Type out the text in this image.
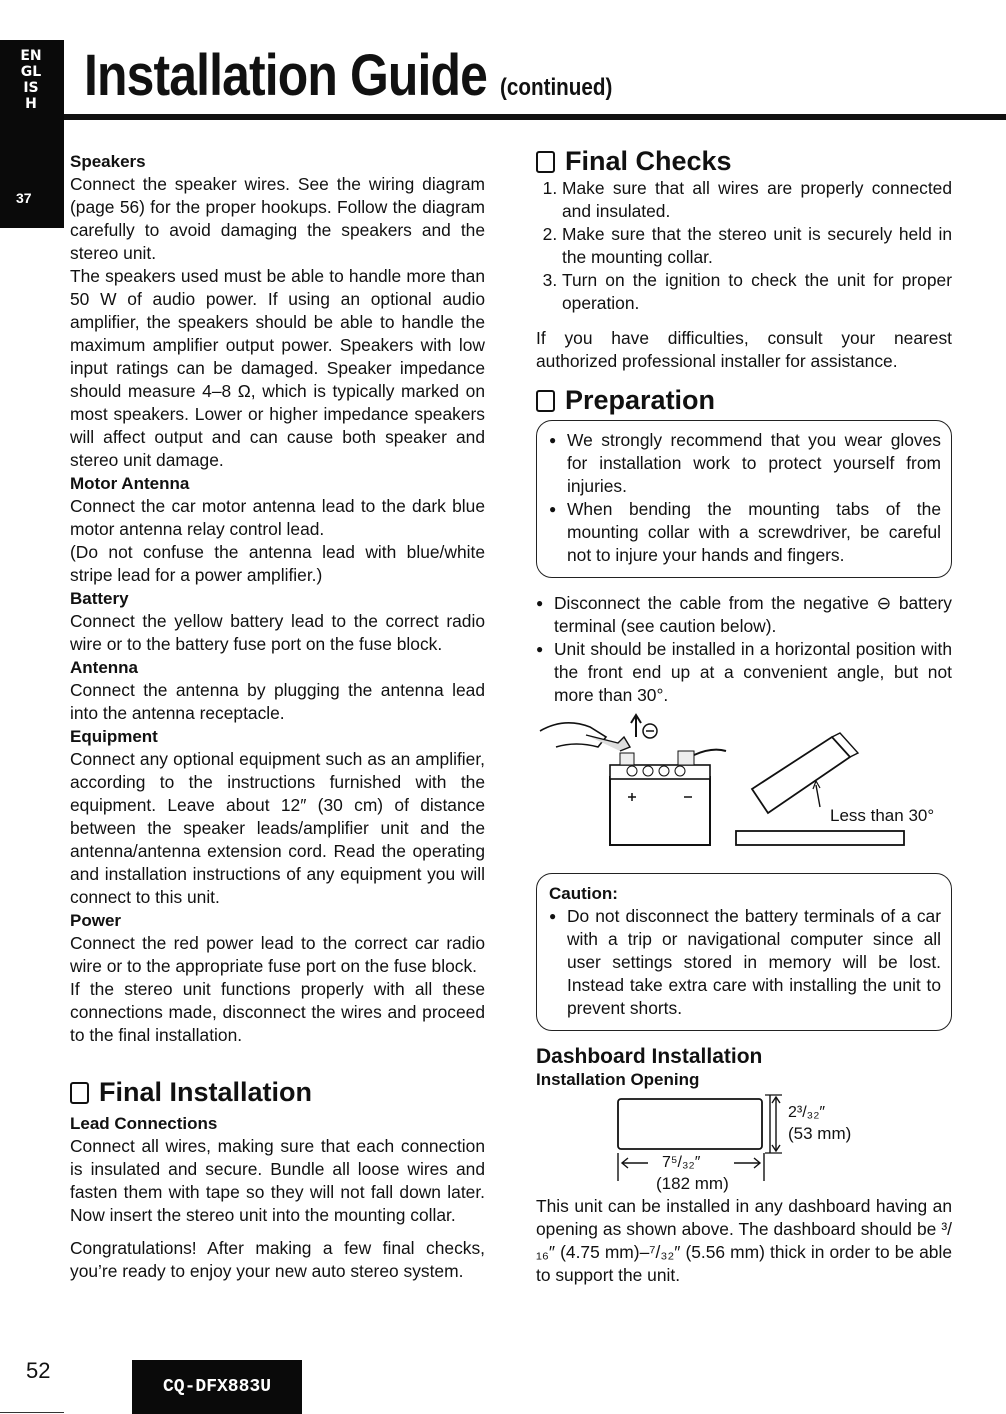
ENGLISH
37
Installation Guide (continued)
Speakers

Connect the speaker wires. See the wiring diagram (page 56) for the proper hookups. Follow the diagram carefully to avoid damaging the speakers and the stereo unit.

The speakers used must be able to handle more than 50 W of audio power. If using an optional audio amplifier, the speakers should be able to handle the maximum amplifier output power. Speakers with low input ratings can be damaged. Speaker impedance should measure 4–8 Ω, which is typically marked on most speakers. Lower or higher impedance speakers will affect output and can cause both speaker and stereo unit damage.

Motor Antenna

Connect the car motor antenna lead to the dark blue motor antenna relay control lead.

(Do not confuse the antenna lead with blue/white stripe lead for a power amplifier.)

Battery

Connect the yellow battery lead to the correct radio wire or to the battery fuse port on the fuse block.

Antenna

Connect the antenna by plugging the antenna lead into the antenna receptacle.

Equipment

Connect any optional equipment such as an amplifier, according to the instructions furnished with the equipment. Leave about 12″ (30 cm) of distance between the speaker leads/amplifier unit and the antenna/antenna extension cord. Read the operating and installation instructions of any equipment you will connect to this unit.

Power

Connect the red power lead to the correct car radio wire or to the appropriate fuse port on the fuse block.

If the stereo unit functions properly with all these connections made, disconnect the wires and proceed to the final installation.

Final Installation
Lead Connections

Connect all wires, making sure that each connection is insulated and secure. Bundle all loose wires and fasten them with tape so they will not fall down later. Now insert the stereo unit into the mounting collar.

Congratulations! After making a few final checks, you’re ready to enjoy your new auto stereo system.

Final Checks
1. Make sure that all wires are properly connected and insulated.
2. Make sure that the stereo unit is securely held in the mounting collar.
3. Turn on the ignition to check the unit for proper operation.

If you have difficulties, consult your nearest authorized professional installer for assistance.

Preparation
● We strongly recommend that you wear gloves for installation work to protect yourself from injuries.
● When bending the mounting tabs of the mounting collar with a screwdriver, be careful not to injure your hands and fingers.
● Disconnect the cable from the negative ⊖ battery terminal (see caution below).
● Unit should be installed in a horizontal position with the front end up at a convenient angle, but not more than 30°.
Less than 30°
Caution:
● Do not disconnect the battery terminals of a car with a trip or navigational computer since all user settings stored in memory will be lost. Instead take extra care with installing the unit to prevent shorts.
Dashboard Installation
Installation Opening
2³/₃₂″
(53 mm)
7⁵/₃₂″
(182 mm)

This unit can be installed in any dashboard having an opening as shown above. The dashboard should be ³/₁₆″ (4.75 mm)–⁷/₃₂″ (5.56 mm) thick in order to be able to support the unit.

52
CQ-DFX883U
